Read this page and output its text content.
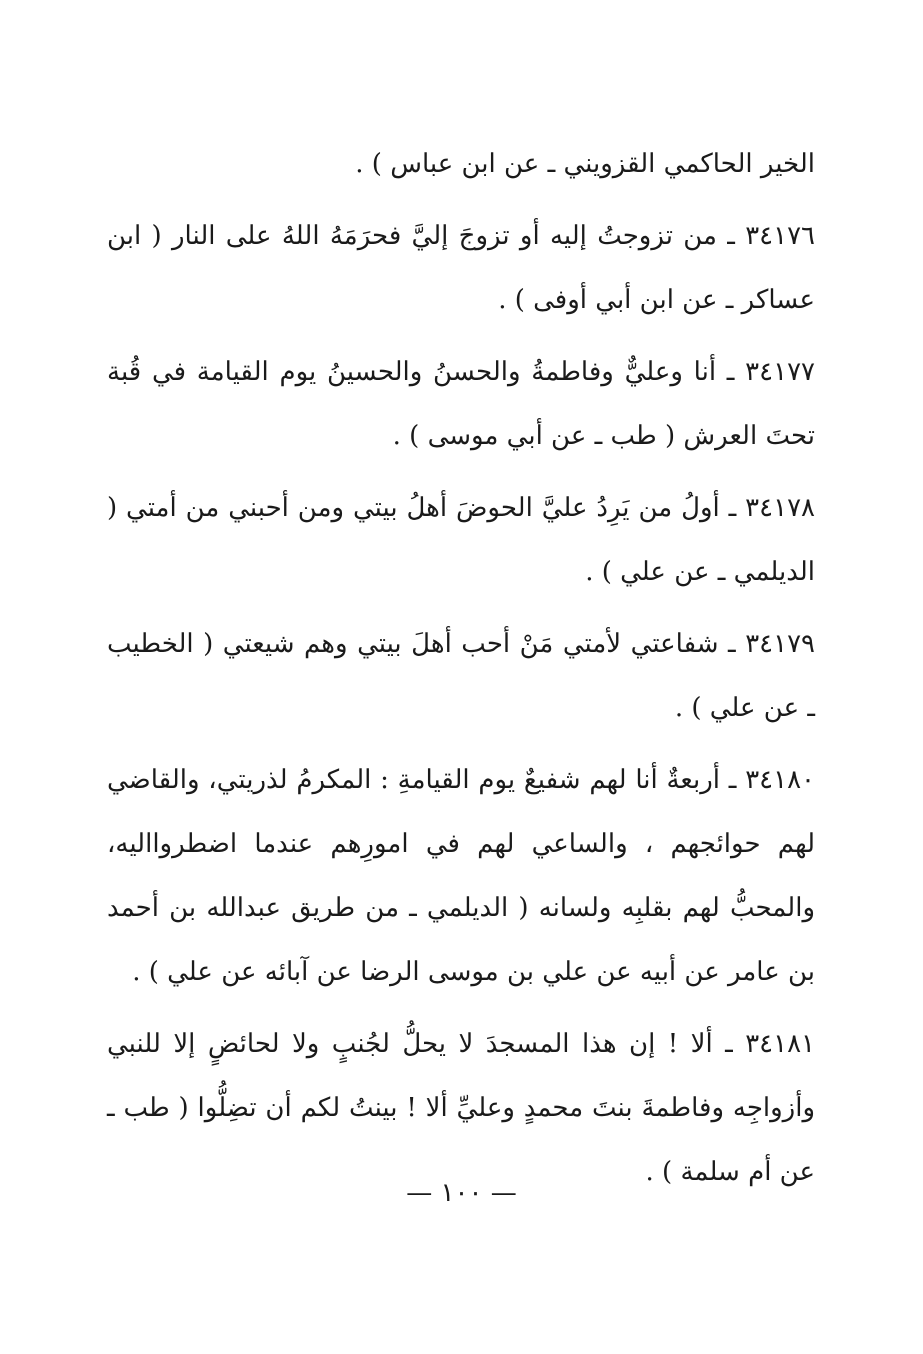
الخير الحاكمي القزويني ـ عن ابن عباس ) .

٣٤١٧٦ ـ من تزوجتُ إليه أو تزوجَ إليَّ فحرَمَهُ اللهُ على النار ( ابن عساكر ـ عن ابن أبي أوفى ) .

٣٤١٧٧ ـ أنا وعليٌّ وفاطمةُ والحسنُ والحسينُ يوم القيامة في قُبة تحتَ العرش ( طب ـ عن أبي موسى ) .

٣٤١٧٨ ـ أولُ من يَرِدُ عليَّ الحوضَ أهلُ بيتي ومن أحبني من أمتي ( الديلمي ـ عن علي ) .

٣٤١٧٩ ـ شفاعتي لأمتي مَنْ أحب أهلَ بيتي وهم شيعتي ( الخطيب ـ عن علي ) .

٣٤١٨٠ ـ أربعةٌ أنا لهم شفيعٌ يوم القيامةِ : المكرمُ لذريتي، والقاضي لهم حوائجهم ، والساعي لهم في امورِهم عندما اضطروااليه، والمحبُّ لهم بقلبِه ولسانه ( الديلمي ـ من طريق عبدالله بن أحمد بن عامر عن أبيه عن علي بن موسى الرضا عن آبائه عن علي ) .

٣٤١٨١ ـ ألا ! إن هذا المسجدَ لا يحلُّ لجُنبٍ ولا لحائضٍ إلا للنبي وأزواجِه وفاطمةَ بنتَ محمدٍ وعليِّ ألا ! بينتُ لكم أن تضِلُّوا ( طب ـ عن أم سلمة ) .

— ١٠٠ —
